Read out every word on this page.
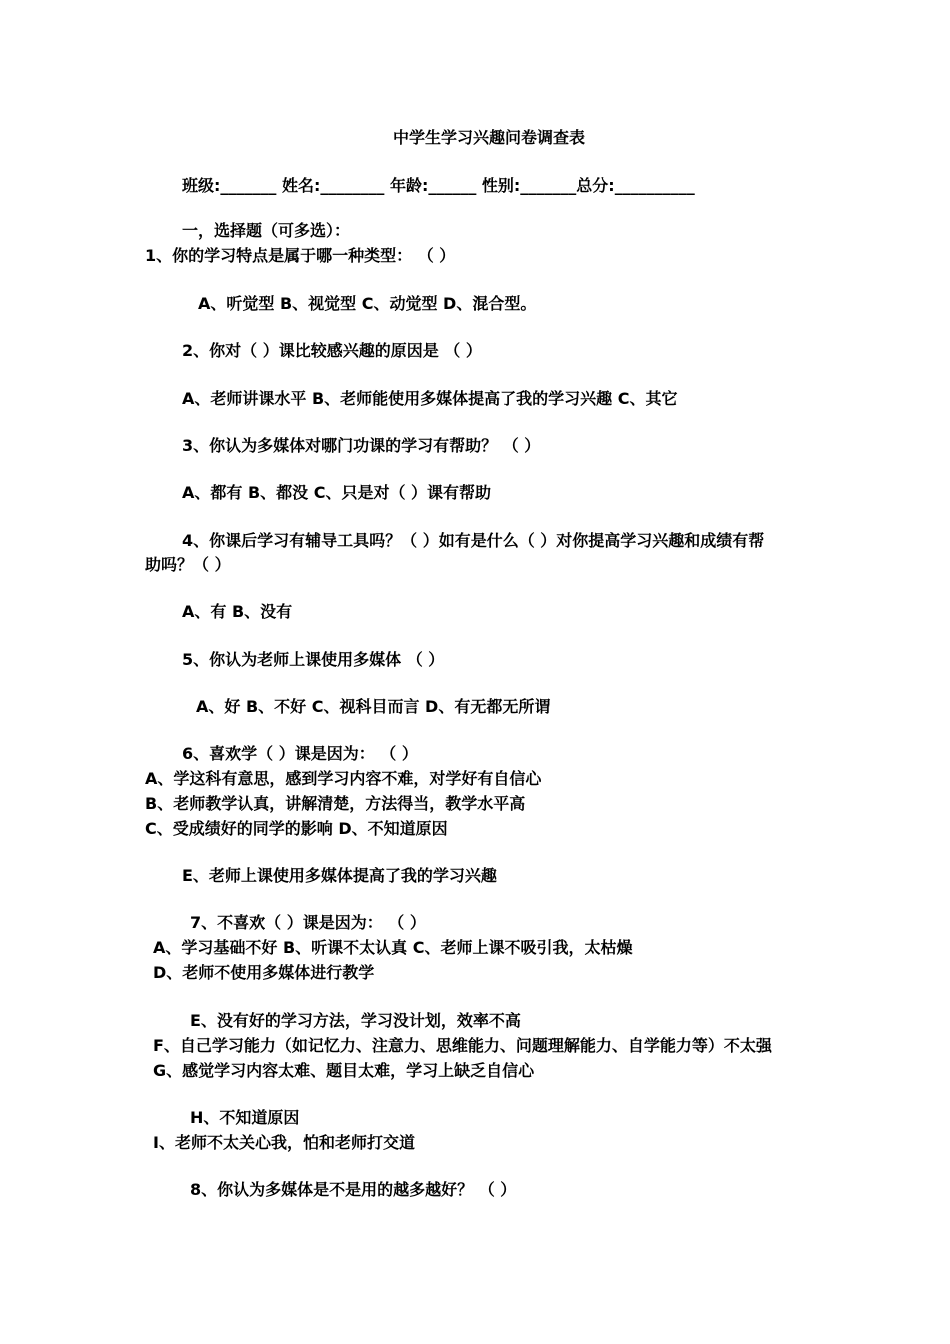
中学生学习兴趣问卷调查表
班级:_______ 姓名:________ 年龄:______ 性别:_______总分:__________
一，选择题（可多选）：
1、你的学习特点是属于哪一种类型： （ ）
A、听觉型 B、视觉型 C、动觉型 D、混合型。
2、你对（ ）课比较感兴趣的原因是 （ ）
A、老师讲课水平 B、老师能使用多媒体提高了我的学习兴趣 C、其它
3、你认为多媒体对哪门功课的学习有帮助？ （ ）
A、都有 B、都没 C、只是对（ ）课有帮助
4、你课后学习有辅导工具吗？（ ）如有是什么（ ）对你提高学习兴趣和成绩有帮
助吗？（ ）
A、有 B、没有
5、你认为老师上课使用多媒体 （ ）
A、好 B、不好 C、视科目而言 D、有无都无所谓
6、喜欢学（ ）课是因为： （ ）
A、学这科有意思，感到学习内容不难，对学好有自信心
B、老师教学认真，讲解清楚，方法得当，教学水平高
C、受成绩好的同学的影响 D、不知道原因
E、老师上课使用多媒体提高了我的学习兴趣
7、不喜欢（ ）课是因为： （ ）
A、学习基础不好 B、听课不太认真 C、老师上课不吸引我，太枯燥
D、老师不使用多媒体进行教学
E、没有好的学习方法，学习没计划，效率不高
F、自己学习能力（如记忆力、注意力、思维能力、问题理解能力、自学能力等）不太强
G、感觉学习内容太难、题目太难，学习上缺乏自信心
H、不知道原因
I、老师不太关心我，怕和老师打交道
8、你认为多媒体是不是用的越多越好？ （ ）
